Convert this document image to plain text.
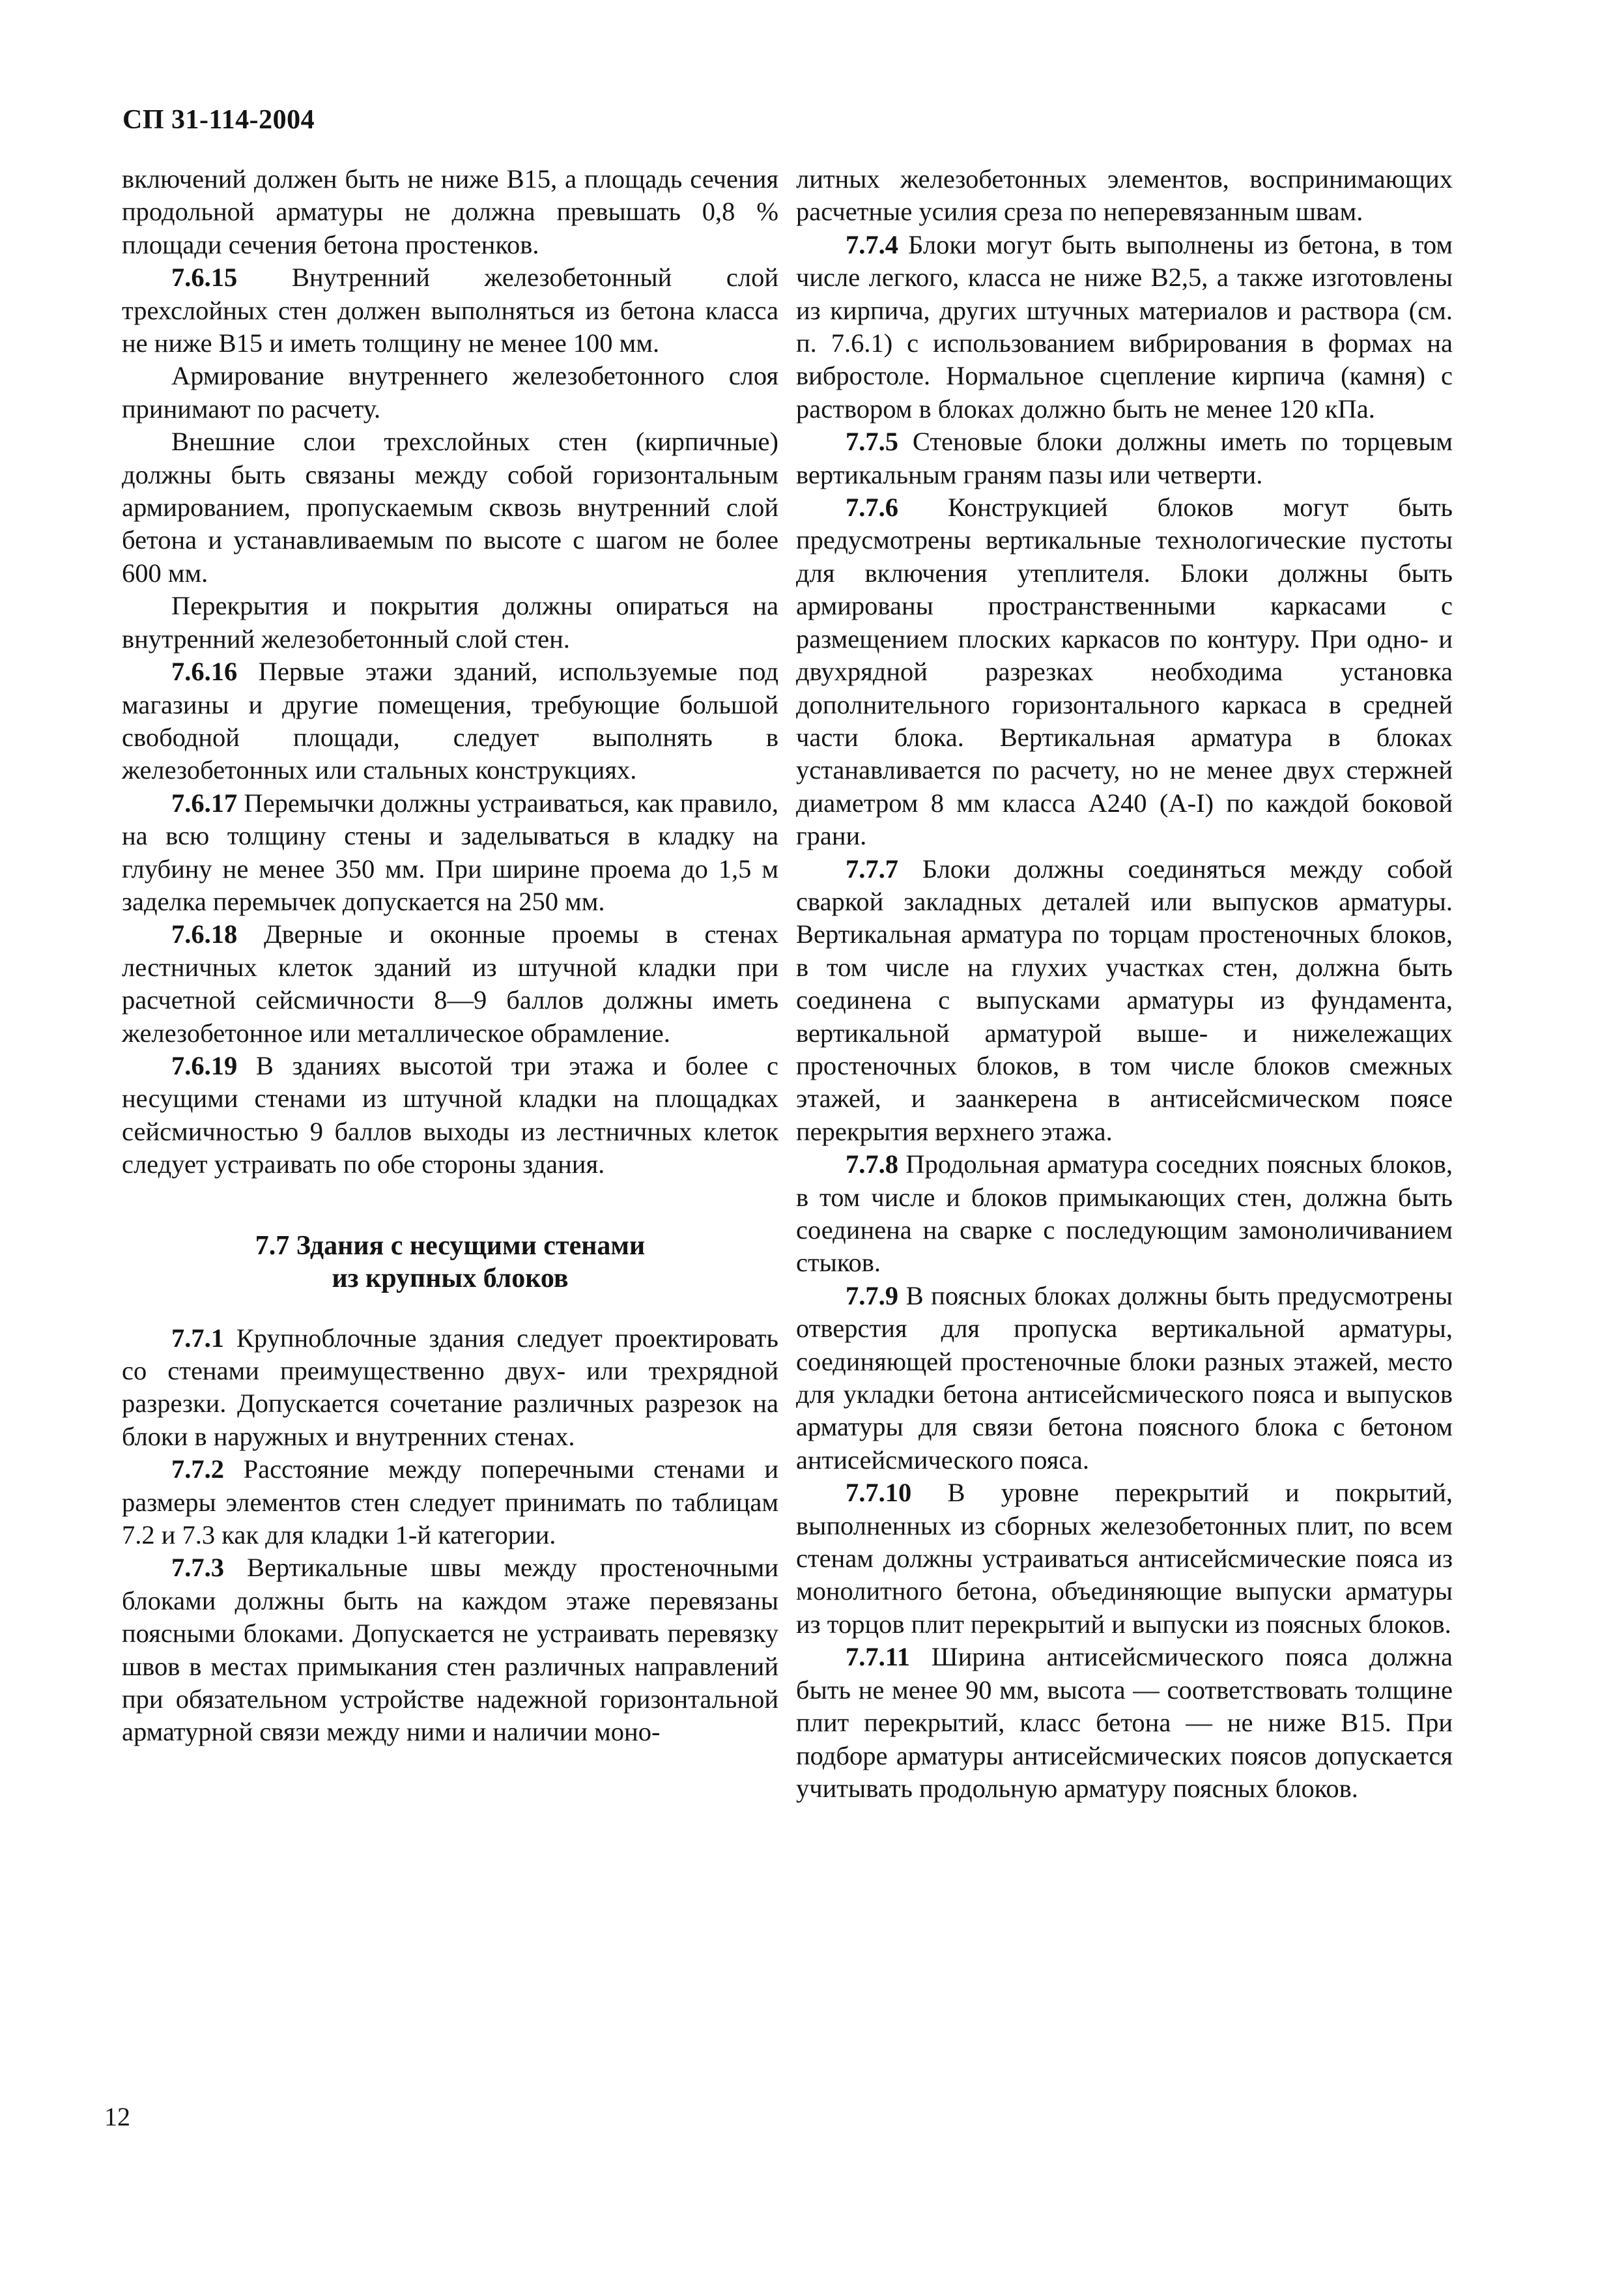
СП 31-114-2004

включений должен быть не ниже В15, а площадь сечения продольной арматуры не должна превышать 0,8 % площади сечения бетона простенков.

7.6.15 Внутренний железобетонный слой трехслойных стен должен выполняться из бетона класса не ниже В15 и иметь толщину не менее 100 мм.

Армирование внутреннего железобетонного слоя принимают по расчету.

Внешние слои трехслойных стен (кирпичные) должны быть связаны между собой горизонтальным армированием, пропускаемым сквозь внутренний слой бетона и устанавливаемым по высоте с шагом не более 600 мм.

Перекрытия и покрытия должны опираться на внутренний железобетонный слой стен.

7.6.16 Первые этажи зданий, используемые под магазины и другие помещения, требующие большой свободной площади, следует выполнять в железобетонных или стальных конструкциях.

7.6.17 Перемычки должны устраиваться, как правило, на всю толщину стены и заделываться в кладку на глубину не менее 350 мм. При ширине проема до 1,5 м заделка перемычек допускается на 250 мм.

7.6.18 Дверные и оконные проемы в стенах лестничных клеток зданий из штучной кладки при расчетной сейсмичности 8—9 баллов должны иметь железобетонное или металлическое обрамление.

7.6.19 В зданиях высотой три этажа и более с несущими стенами из штучной кладки на площадках сейсмичностью 9 баллов выходы из лестничных клеток следует устраивать по обе стороны здания.

7.7 Здания с несущими стенами
из крупных блоков

7.7.1 Крупноблочные здания следует проектировать со стенами преимущественно двух- или трехрядной разрезки. Допускается сочетание различных разрезок на блоки в наружных и внутренних стенах.

7.7.2 Расстояние между поперечными стенами и размеры элементов стен следует принимать по таблицам 7.2 и 7.3 как для кладки 1-й категории.

7.7.3 Вертикальные швы между простеночными блоками должны быть на каждом этаже перевязаны поясными блоками. Допускается не устраивать перевязку швов в местах примыкания стен различных направлений при обязательном устройстве надежной горизонтальной арматурной связи между ними и наличии моно-

литных железобетонных элементов, воспринимающих расчетные усилия среза по неперевязанным швам.

7.7.4 Блоки могут быть выполнены из бетона, в том числе легкого, класса не ниже В2,5, а также изготовлены из кирпича, других штучных материалов и раствора (см. п. 7.6.1) с использованием вибрирования в формах на вибростоле. Нормальное сцепление кирпича (камня) с раствором в блоках должно быть не менее 120 кПа.

7.7.5 Стеновые блоки должны иметь по торцевым вертикальным граням пазы или четверти.

7.7.6 Конструкцией блоков могут быть предусмотрены вертикальные технологические пустоты для включения утеплителя. Блоки должны быть армированы пространственными каркасами с размещением плоских каркасов по контуру. При одно- и двухрядной разрезках необходима установка дополнительного горизонтального каркаса в средней части блока. Вертикальная арматура в блоках устанавливается по расчету, но не менее двух стержней диаметром 8 мм класса А240 (А-I) по каждой боковой грани.

7.7.7 Блоки должны соединяться между собой сваркой закладных деталей или выпусков арматуры. Вертикальная арматура по торцам простеночных блоков, в том числе на глухих участках стен, должна быть соединена с выпусками арматуры из фундамента, вертикальной арматурой выше- и нижележащих простеночных блоков, в том числе блоков смежных этажей, и заанкерена в антисейсмическом поясе перекрытия верхнего этажа.

7.7.8 Продольная арматура соседних поясных блоков, в том числе и блоков примыкающих стен, должна быть соединена на сварке с последующим замоноличиванием стыков.

7.7.9 В поясных блоках должны быть предусмотрены отверстия для пропуска вертикальной арматуры, соединяющей простеночные блоки разных этажей, место для укладки бетона антисейсмического пояса и выпусков арматуры для связи бетона поясного блока с бетоном антисейсмического пояса.

7.7.10 В уровне перекрытий и покрытий, выполненных из сборных железобетонных плит, по всем стенам должны устраиваться антисейсмические пояса из монолитного бетона, объединяющие выпуски арматуры из торцов плит перекрытий и выпуски из поясных блоков.

7.7.11 Ширина антисейсмического пояса должна быть не менее 90 мм, высота — соответствовать толщине плит перекрытий, класс бетона — не ниже В15. При подборе арматуры антисейсмических поясов допускается учитывать продольную арматуру поясных блоков.

12
